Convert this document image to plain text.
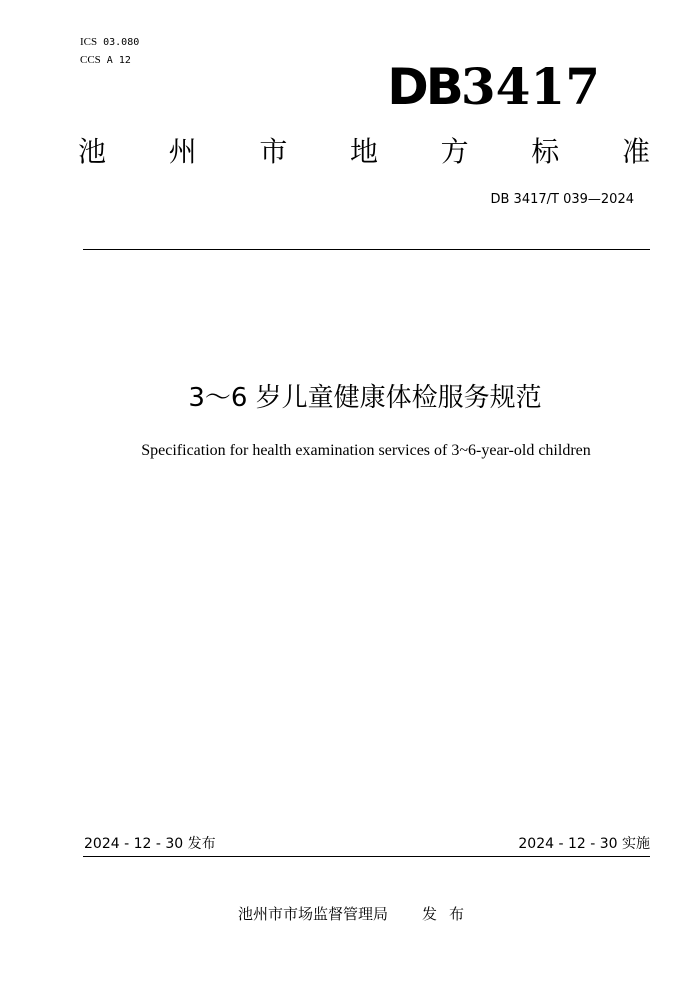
ICS 03.080
CCS A 12	DB3417
池 州 市 地 方 标 准
DB 3417/T 039—2024
3～6 岁儿童健康体检服务规范
Specification for health examination services of 3~6-year-old children
2024 - 12 - 30 发布	2024 - 12 - 30 实施
池州市市场监督管理局 发布
